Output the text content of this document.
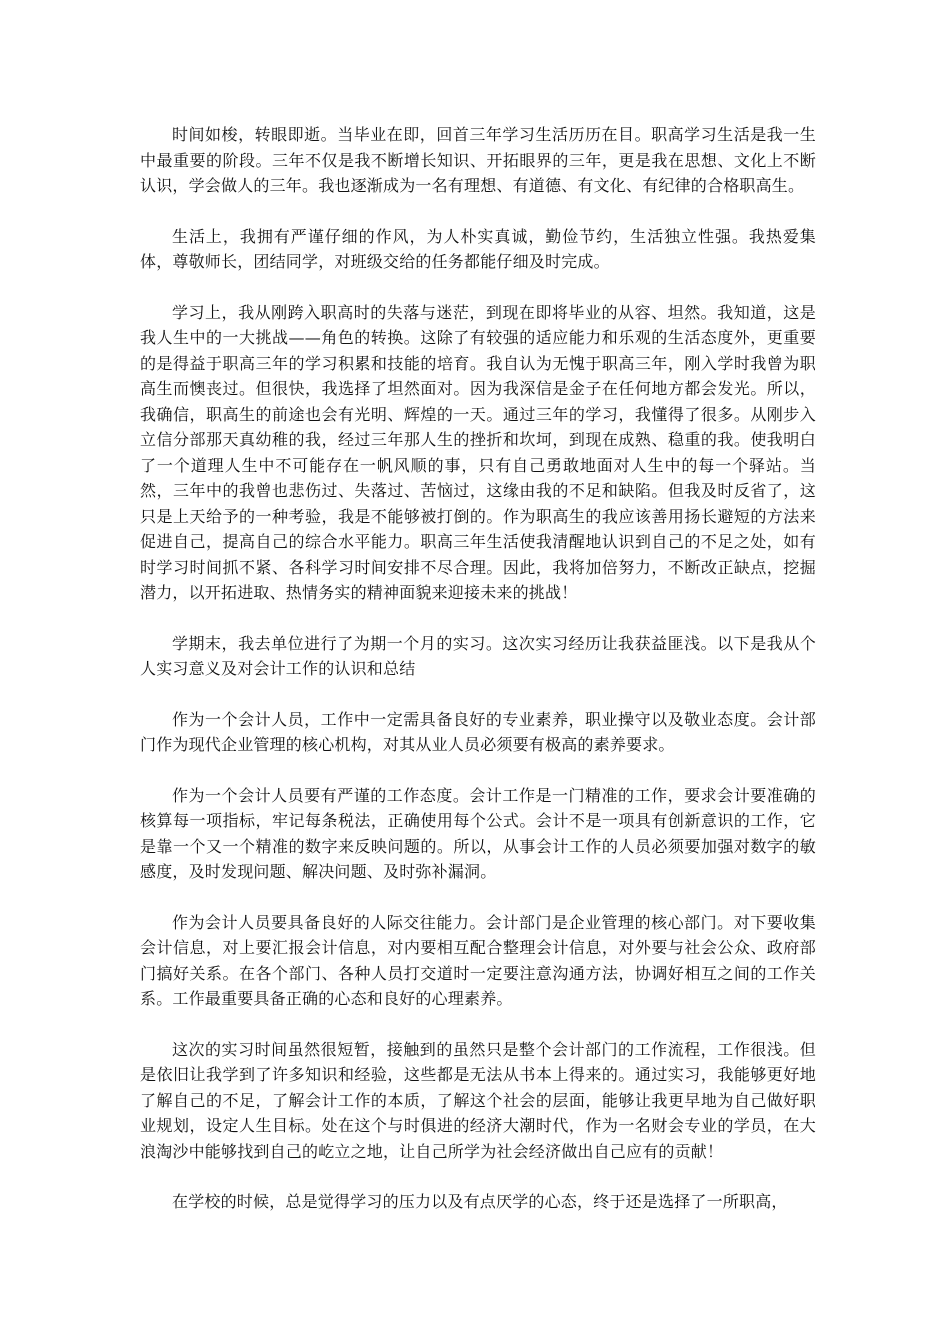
时间如梭，转眼即逝。当毕业在即，回首三年学习生活历历在目。职高学习生活是我一生中最重要的阶段。三年不仅是我不断增长知识、开拓眼界的三年，更是我在思想、文化上不断认识，学会做人的三年。我也逐渐成为一名有理想、有道德、有文化、有纪律的合格职高生。

生活上，我拥有严谨仔细的作风，为人朴实真诚，勤俭节约，生活独立性强。我热爱集体，尊敬师长，团结同学，对班级交给的任务都能仔细及时完成。

学习上，我从刚跨入职高时的失落与迷茫，到现在即将毕业的从容、坦然。我知道，这是我人生中的一大挑战——角色的转换。这除了有较强的适应能力和乐观的生活态度外，更重要的是得益于职高三年的学习积累和技能的培育。我自认为无愧于职高三年，刚入学时我曾为职高生而懊丧过。但很快，我选择了坦然面对。因为我深信是金子在任何地方都会发光。所以，我确信，职高生的前途也会有光明、辉煌的一天。通过三年的学习，我懂得了很多。从刚步入立信分部那天真幼稚的我，经过三年那人生的挫折和坎坷，到现在成熟、稳重的我。使我明白了一个道理人生中不可能存在一帆风顺的事，只有自己勇敢地面对人生中的每一个驿站。当然，三年中的我曾也悲伤过、失落过、苦恼过，这缘由我的不足和缺陷。但我及时反省了，这只是上天给予的一种考验，我是不能够被打倒的。作为职高生的我应该善用扬长避短的方法来促进自己，提高自己的综合水平能力。职高三年生活使我清醒地认识到自己的不足之处，如有时学习时间抓不紧、各科学习时间安排不尽合理。因此，我将加倍努力，不断改正缺点，挖掘潜力，以开拓进取、热情务实的精神面貌来迎接未来的挑战！

学期末，我去单位进行了为期一个月的实习。这次实习经历让我获益匪浅。以下是我从个人实习意义及对会计工作的认识和总结

作为一个会计人员，工作中一定需具备良好的专业素养，职业操守以及敬业态度。会计部门作为现代企业管理的核心机构，对其从业人员必须要有极高的素养要求。

作为一个会计人员要有严谨的工作态度。会计工作是一门精准的工作，要求会计要准确的核算每一项指标，牢记每条税法，正确使用每个公式。会计不是一项具有创新意识的工作，它是靠一个又一个精准的数字来反映问题的。所以，从事会计工作的人员必须要加强对数字的敏感度，及时发现问题、解决问题、及时弥补漏洞。

作为会计人员要具备良好的人际交往能力。会计部门是企业管理的核心部门。对下要收集会计信息，对上要汇报会计信息，对内要相互配合整理会计信息，对外要与社会公众、政府部门搞好关系。在各个部门、各种人员打交道时一定要注意沟通方法，协调好相互之间的工作关系。工作最重要具备正确的心态和良好的心理素养。

这次的实习时间虽然很短暂，接触到的虽然只是整个会计部门的工作流程，工作很浅。但是依旧让我学到了许多知识和经验，这些都是无法从书本上得来的。通过实习，我能够更好地了解自己的不足，了解会计工作的本质，了解这个社会的层面，能够让我更早地为自己做好职业规划，设定人生目标。处在这个与时俱进的经济大潮时代，作为一名财会专业的学员，在大浪淘沙中能够找到自己的屹立之地，让自己所学为社会经济做出自己应有的贡献！

在学校的时候，总是觉得学习的压力以及有点厌学的心态，终于还是选择了一所职高，
